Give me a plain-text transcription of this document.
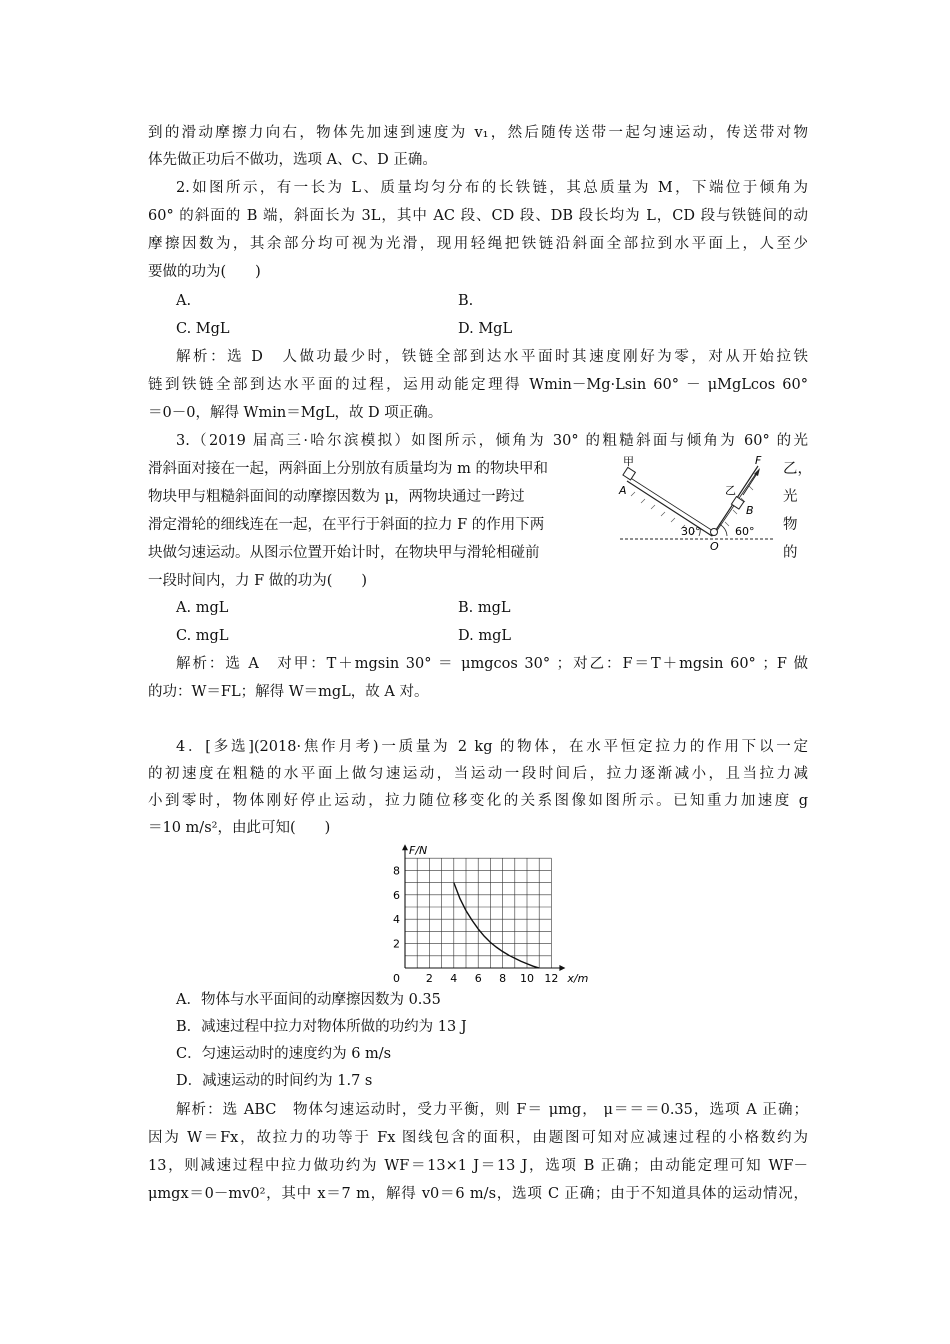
到的滑动摩擦力向右，物体先加速到速度为 v₁，然后随传送带一起匀速运动，传送带对物
体先做正功后不做功，选项 A、C、D 正确。
2.如图所示，有一长为 L、质量均匀分布的长铁链，其总质量为 M，下端位于倾角为
60° 的斜面的 B 端，斜面长为 3L，其中 AC 段、CD 段、DB 段长均为 L，CD 段与铁链间的动
摩擦因数为，其余部分均可视为光滑，现用轻绳把铁链沿斜面全部拉到水平面上，人至少
要做的功为(　　)
A.	B.
C. MgL	D. MgL
解析：选 D　人做功最少时，铁链全部到达水平面时其速度刚好为零，对从开始拉铁
链到铁链全部到达水平面的过程，运用动能定理得 Wmin－Mg·Lsin 60° － μMgLcos 60°
＝0－0，解得 Wmin＝MgL，故 D 项正确。
3.（2019 届高三·哈尔滨模拟）如图所示，倾角为 30° 的粗糙斜面与倾角为 60° 的光
滑斜面对接在一起，两斜面上分别放有质量均为 m 的物块甲和	乙，
物块甲与粗糙斜面间的动摩擦因数为 μ，两物块通过一跨过	光
滑定滑轮的细线连在一起，在平行于斜面的拉力 F 的作用下两	物
块做匀速运动。从图示位置开始计时，在物块甲与滑轮相碰前	的
一段时间内，力 F 做的功为(　　)
甲
A	乙
B
F
O
30°	60°
A. mgL	B. mgL
C. mgL	D. mgL
解析：选 A　对甲：T＋mgsin 30° ＝ μmgcos 30° ；对乙：F＝T＋mgsin 60° ；F 做
的功：W＝FL；解得 W＝mgL，故 A 对。
4．[多选](2018·焦作月考)一质量为 2 kg 的物体，在水平恒定拉力的作用下以一定
的初速度在粗糙的水平面上做匀速运动，当运动一段时间后，拉力逐渐减小，且当拉力减
小到零时，物体刚好停止运动，拉力随位移变化的关系图像如图所示。已知重力加速度 g
＝10 m/s²，由此可知(　　)
2 4 6 8 10 12
2
4
6
8
0	x/m
F/N
A．物体与水平面间的动摩擦因数为 0.35
B．减速过程中拉力对物体所做的功约为 13 J
C．匀速运动时的速度约为 6 m/s
D．减速运动的时间约为 1.7 s
解析：选 ABC　物体匀速运动时，受力平衡，则 F＝ μmg， μ＝＝＝0.35，选项 A 正确；
因为 W＝Fx，故拉力的功等于 Fx 图线包含的面积，由题图可知对应减速过程的小格数约为
13，则减速过程中拉力做功约为 WF＝13×1 J＝13 J，选项 B 正确；由动能定理可知 WF－
μmgx＝0－mv0²，其中 x＝7 m，解得 v0＝6 m/s，选项 C 正确；由于不知道具体的运动情况，
